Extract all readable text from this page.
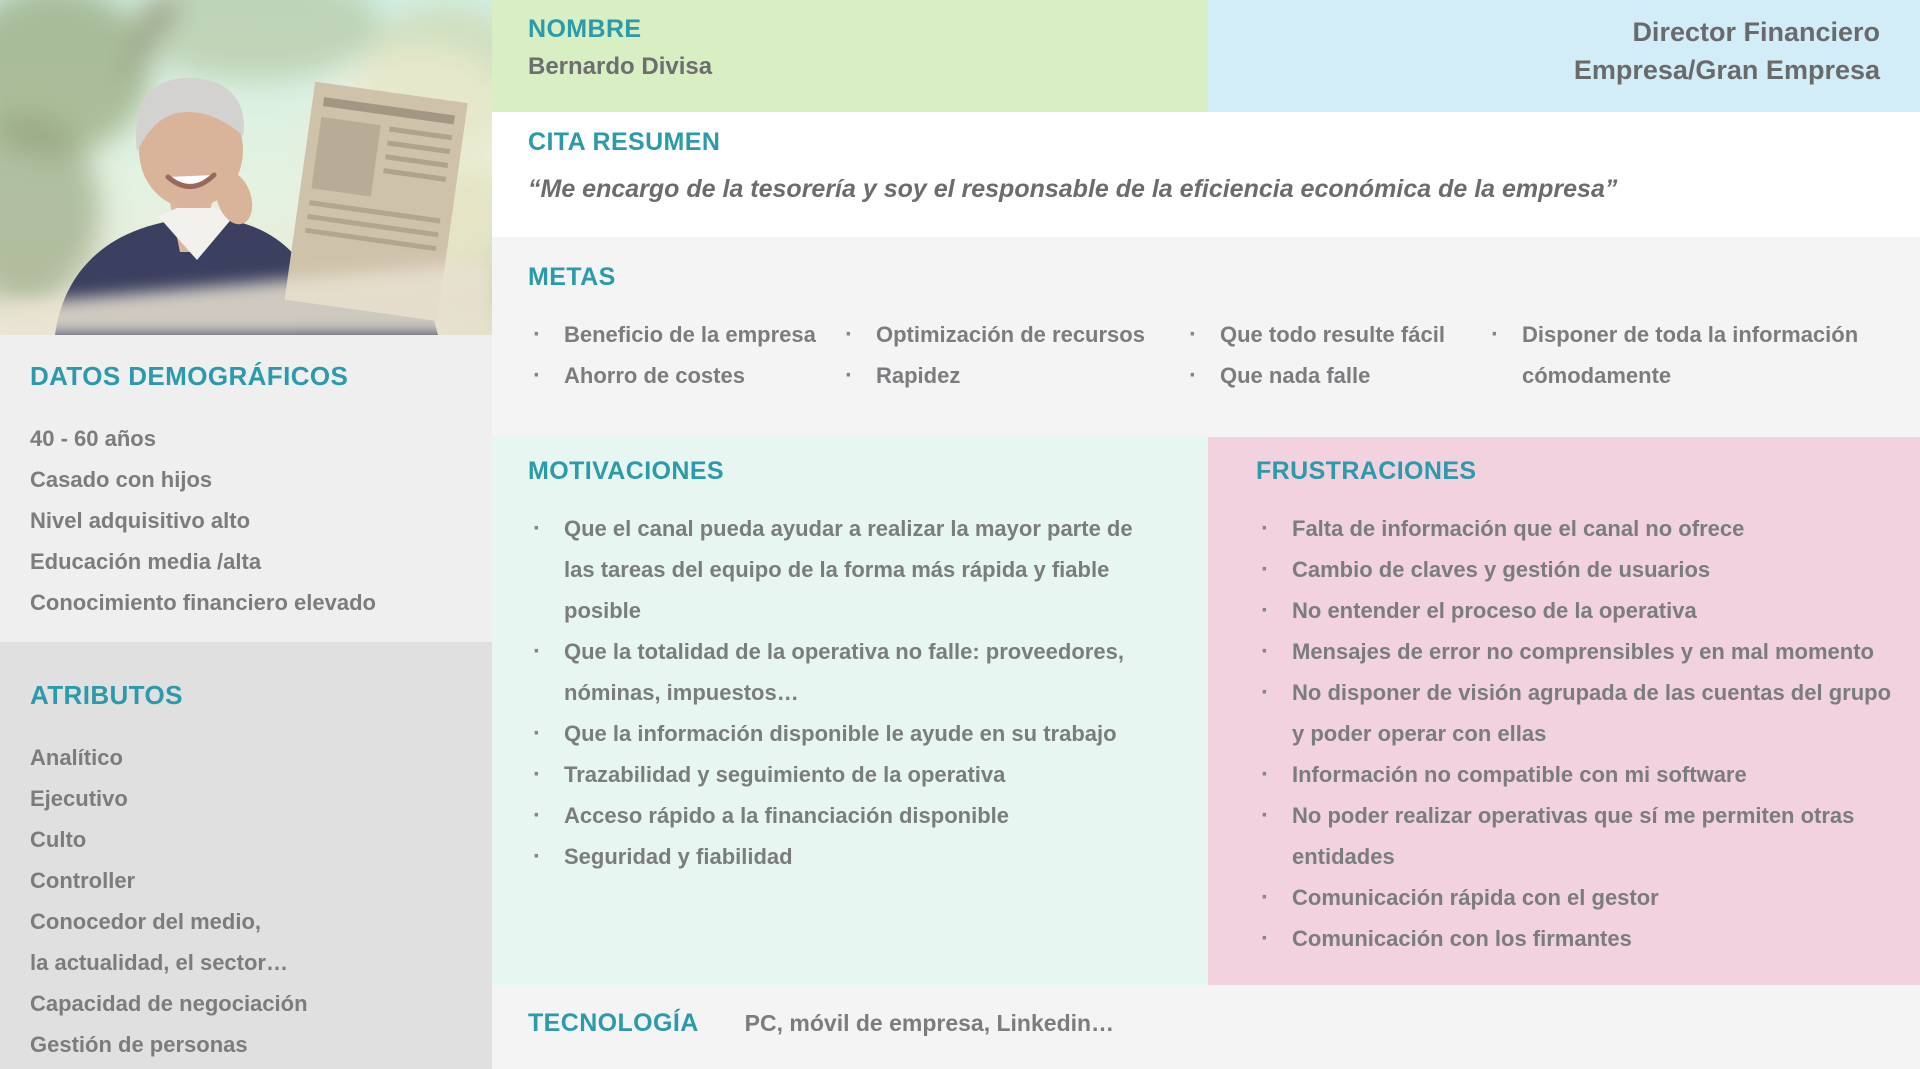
DATOS DEMOGRÁFICOS
40 - 60 años
Casado con hijos
Nivel adquisitivo alto
Educación media /alta
Conocimiento financiero elevado
ATRIBUTOS
Analítico
Ejecutivo
Culto
Controller
Conocedor del medio,
la actualidad, el sector…
Capacidad de negociación
Gestión de personas
NOMBRE
Bernardo Divisa
Director Financiero
Empresa/Gran Empresa
CITA RESUMEN

“Me encargo de la tesorería y soy el responsable de la eficiencia económica de la empresa”

METAS
·	Beneficio de la empresa
·	Ahorro de costes
·	Optimización de recursos
·	Rapidez
·	Que todo resulte fácil
·	Que nada falle
·	Disponer de toda la información cómodamente
MOTIVACIONES
·	Que el canal pueda ayudar a realizar la mayor parte de las tareas del equipo de la forma más rápida y fiable posible
·	Que la totalidad de la operativa no falle: proveedores, nóminas, impuestos…
·	Que la información disponible le ayude en su trabajo
·	Trazabilidad y seguimiento de la operativa
·	Acceso rápido a la financiación disponible
·	Seguridad y fiabilidad
FRUSTRACIONES
·	Falta de información que el canal no ofrece
·	Cambio de claves y gestión de usuarios
·	No entender el proceso de la operativa
·	Mensajes de error no comprensibles y en mal momento
·	No disponer de visión agrupada de las cuentas del grupo y poder operar con ellas
·	Información no compatible con mi software
·	No poder realizar operativas que sí me permiten otras entidades
·	Comunicación rápida con el gestor
·	Comunicación con los firmantes
TECNOLOGÍA PC, móvil de empresa, Linkedin…
